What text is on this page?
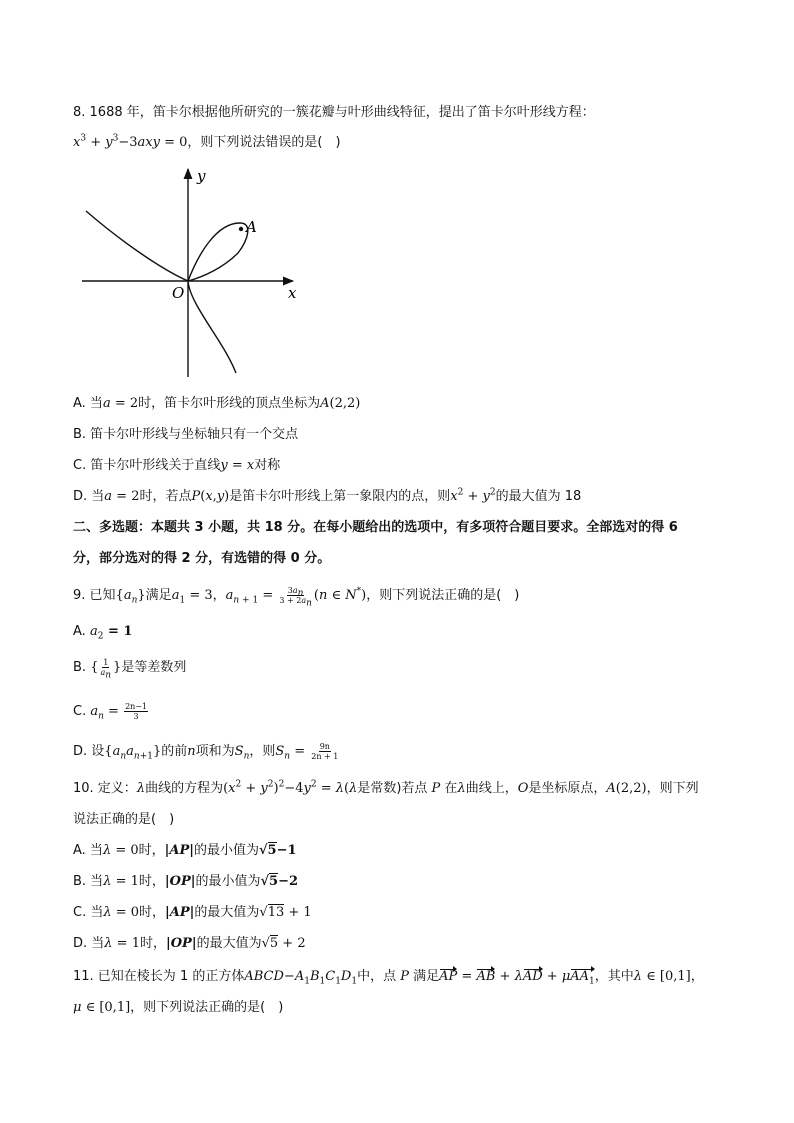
8. 1688 年，笛卡尔根据他所研究的一簇花瓣与叶形曲线特征，提出了笛卡尔叶形线方程：
$x^3 + y^3-3axy = 0$，则下列说法错误的是(　)
y
x
O
A
A. 当a = 2时，笛卡尔叶形线的顶点坐标为A(2,2)
B. 笛卡尔叶形线与坐标轴只有一个交点
C. 笛卡尔叶形线关于直线y = x对称
D. 当a = 2时，若点P(x,y)是笛卡尔叶形线上第一象限内的点，则$x^2 + y^2$的最大值为 18
二、多选题：本题共 3 小题，共 18 分。在每小题给出的选项中，有多项符合题目要求。全部选对的得 6
分，部分选对的得 2 分，有选错的得 0 分。
9. 已知$\{a_n\}$满足$a_1 = 3$，$a_{n + 1} = \frac{3a_n}{3 + 2a_n} (n$ ∈ N*)，则下列说法正确的是(　)
A. $a_2 = 1$
B. { $\frac{1}{a_n}$ }是等差数列
C. $a_n = \frac{2n-1}{3}$
D. 设$\{a_na_{n+1}\}$的前n项和为$S_n$，则$S_n = \frac{9n}{2n + 1}$
10. 定义：λ曲线的方程为$(x^2 + y^2)^2-4y^2 = \lambda(\lambda$是常数)若点 P 在λ曲线上，O是坐标原点，A(2,2)，则下列
说法正确的是(　)
A. 当λ = 0时，|AP|的最小值为√5−1
B. 当λ = 1时，|OP|的最小值为√5−2
C. 当λ = 0时，|AP|的最大值为√13 + 1
D. 当λ = 1时，|OP|的最大值为√5 + 2
11. 已知在棱长为 1 的正方体$ABCD-A_1B_1C_1D_1$中，点 P 满足AP = AB + λAD + μAA$_1$，其中λ ∈ [0,1]，
μ ∈ [0,1]，则下列说法正确的是(　)
